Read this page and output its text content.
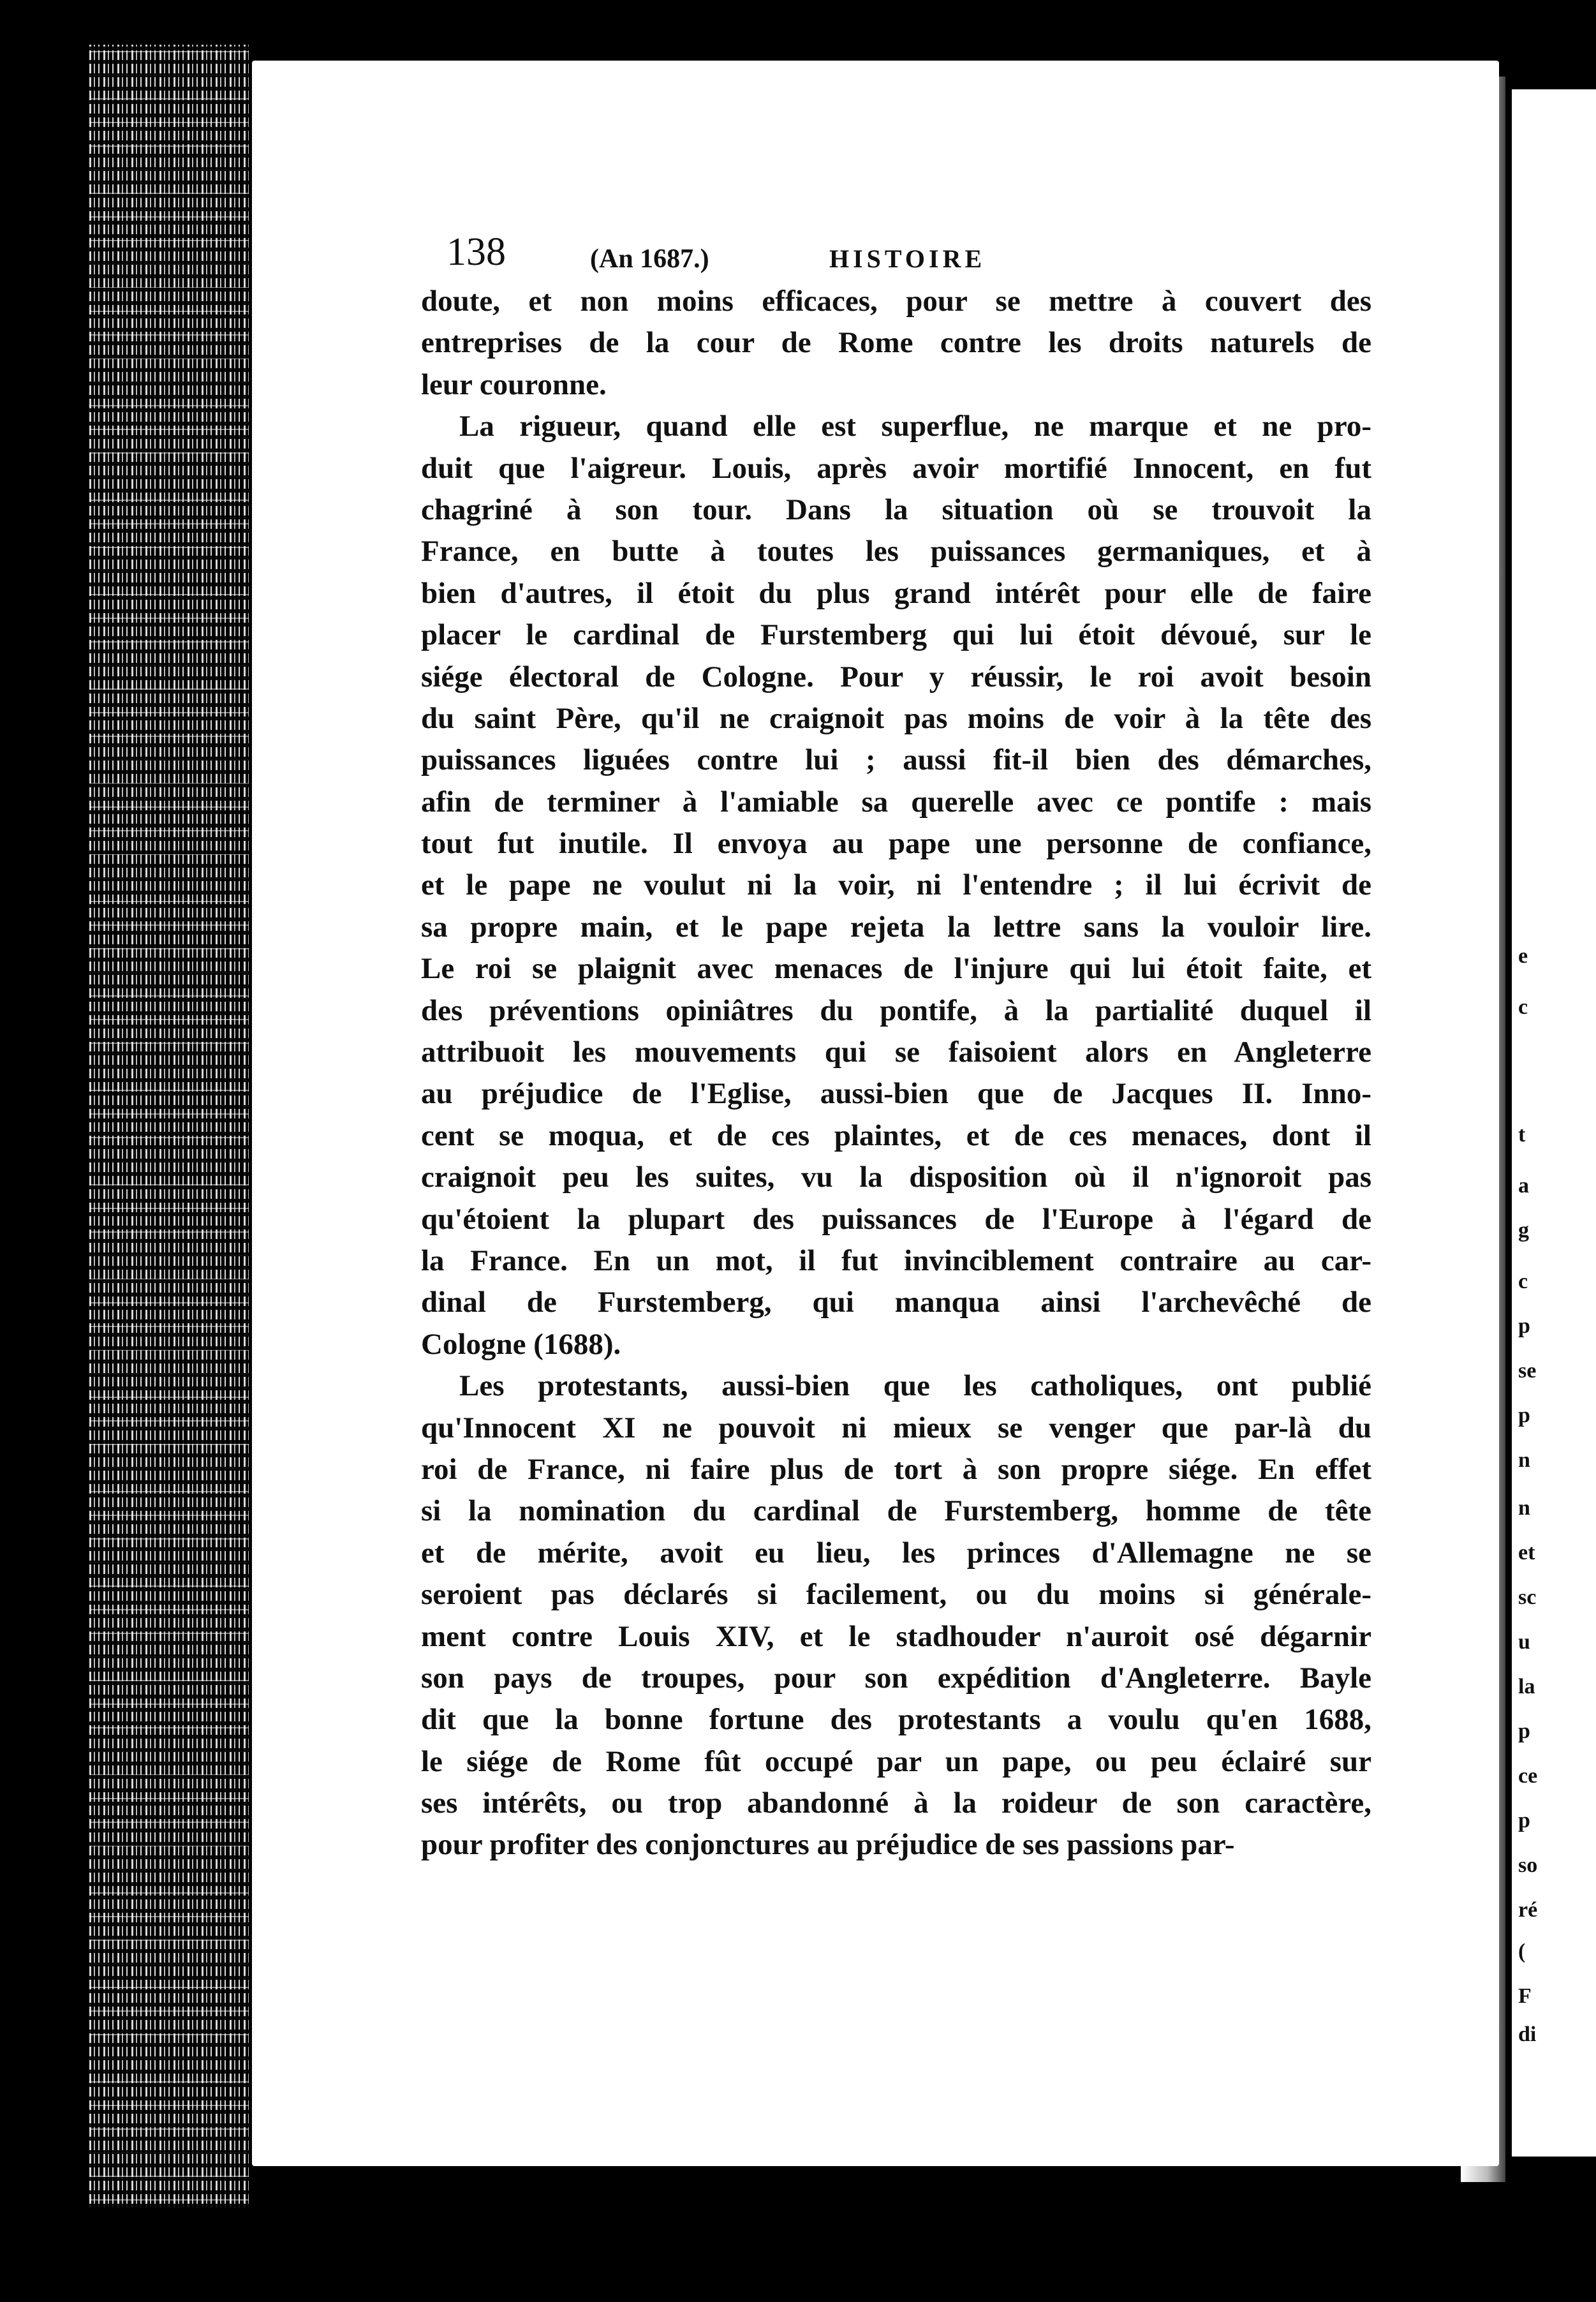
e
c
t
a
g
c
p
se
p
n
n
et
sc
u
la
p
ce
p
so
ré
(
F
di
138	(An 1687.)	HISTOIRE
doute, et non moins efficaces, pour se mettre à couvert des
entreprises de la cour de Rome contre les droits naturels de
leur couronne.
La rigueur, quand elle est superflue, ne marque et ne pro-
duit que l'aigreur. Louis, après avoir mortifié Innocent, en fut
chagriné à son tour. Dans la situation où se trouvoit la
France, en butte à toutes les puissances germaniques, et à
bien d'autres, il étoit du plus grand intérêt pour elle de faire
placer le cardinal de Furstemberg qui lui étoit dévoué, sur le
siége électoral de Cologne. Pour y réussir, le roi avoit besoin
du saint Père, qu'il ne craignoit pas moins de voir à la tête des
puissances liguées contre lui ; aussi fit-il bien des démarches,
afin de terminer à l'amiable sa querelle avec ce pontife : mais
tout fut inutile. Il envoya au pape une personne de confiance,
et le pape ne voulut ni la voir, ni l'entendre ; il lui écrivit de
sa propre main, et le pape rejeta la lettre sans la vouloir lire.
Le roi se plaignit avec menaces de l'injure qui lui étoit faite, et
des préventions opiniâtres du pontife, à la partialité duquel il
attribuoit les mouvements qui se faisoient alors en Angleterre
au préjudice de l'Eglise, aussi-bien que de Jacques II. Inno-
cent se moqua, et de ces plaintes, et de ces menaces, dont il
craignoit peu les suites, vu la disposition où il n'ignoroit pas
qu'étoient la plupart des puissances de l'Europe à l'égard de
la France. En un mot, il fut invinciblement contraire au car-
dinal de Furstemberg, qui manqua ainsi l'archevêché de
Cologne (1688).
Les protestants, aussi-bien que les catholiques, ont publié
qu'Innocent XI ne pouvoit ni mieux se venger que par-là du
roi de France, ni faire plus de tort à son propre siége. En effet
si la nomination du cardinal de Furstemberg, homme de tête
et de mérite, avoit eu lieu, les princes d'Allemagne ne se
seroient pas déclarés si facilement, ou du moins si générale-
ment contre Louis XIV, et le stadhouder n'auroit osé dégarnir
son pays de troupes, pour son expédition d'Angleterre. Bayle
dit que la bonne fortune des protestants a voulu qu'en 1688,
le siége de Rome fût occupé par un pape, ou peu éclairé sur
ses intérêts, ou trop abandonné à la roideur de son caractère,
pour profiter des conjonctures au préjudice de ses passions par-
